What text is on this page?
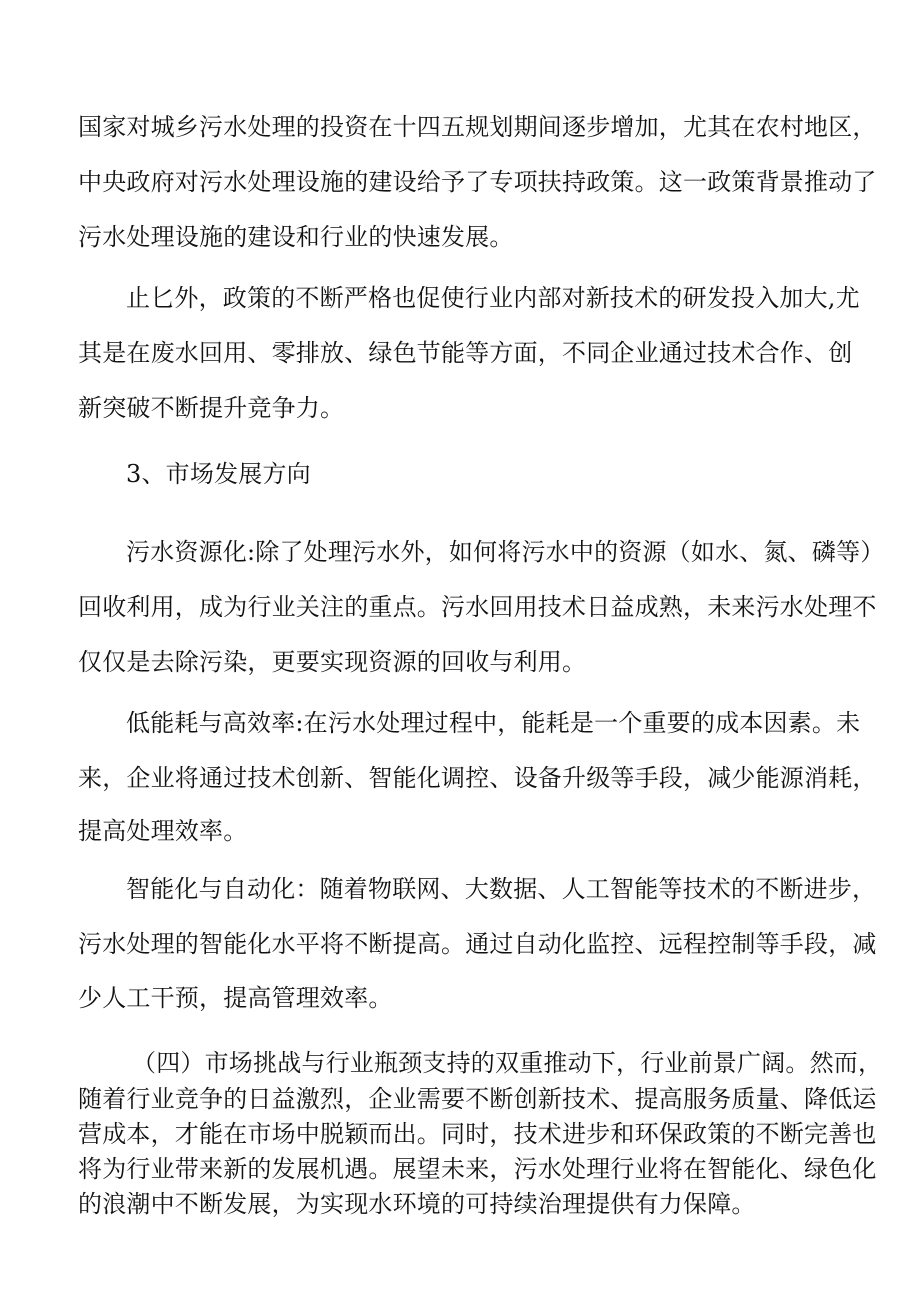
国家对城乡污水处理的投资在十四五规划期间逐步增加，尤其在农村地区，
中央政府对污水处理设施的建设给予了专项扶持政策。这一政策背景推动了
污水处理设施的建设和行业的快速发展。
止匕外，政策的不断严格也促使行业内部对新技术的研发投入加大,尤
其是在废水回用、零排放、绿色节能等方面，不同企业通过技术合作、创
新突破不断提升竞争力。
3、市场发展方向
污水资源化:除了处理污水外，如何将污水中的资源（如水、氮、磷等）
回收利用，成为行业关注的重点。污水回用技术日益成熟，未来污水处理不
仅仅是去除污染，更要实现资源的回收与利用。
低能耗与高效率:在污水处理过程中，能耗是一个重要的成本因素。未
来，企业将通过技术创新、智能化调控、设备升级等手段，减少能源消耗，
提高处理效率。
智能化与自动化：随着物联网、大数据、人工智能等技术的不断进步，
污水处理的智能化水平将不断提高。通过自动化监控、远程控制等手段，减
少人工干预，提高管理效率。
（四）市场挑战与行业瓶颈支持的双重推动下，行业前景广阔。然而，
随着行业竞争的日益激烈，企业需要不断创新技术、提高服务质量、降低运
营成本，才能在市场中脱颖而出。同时，技术进步和环保政策的不断完善也
将为行业带来新的发展机遇。展望未来，污水处理行业将在智能化、绿色化
的浪潮中不断发展，为实现水环境的可持续治理提供有力保障。
